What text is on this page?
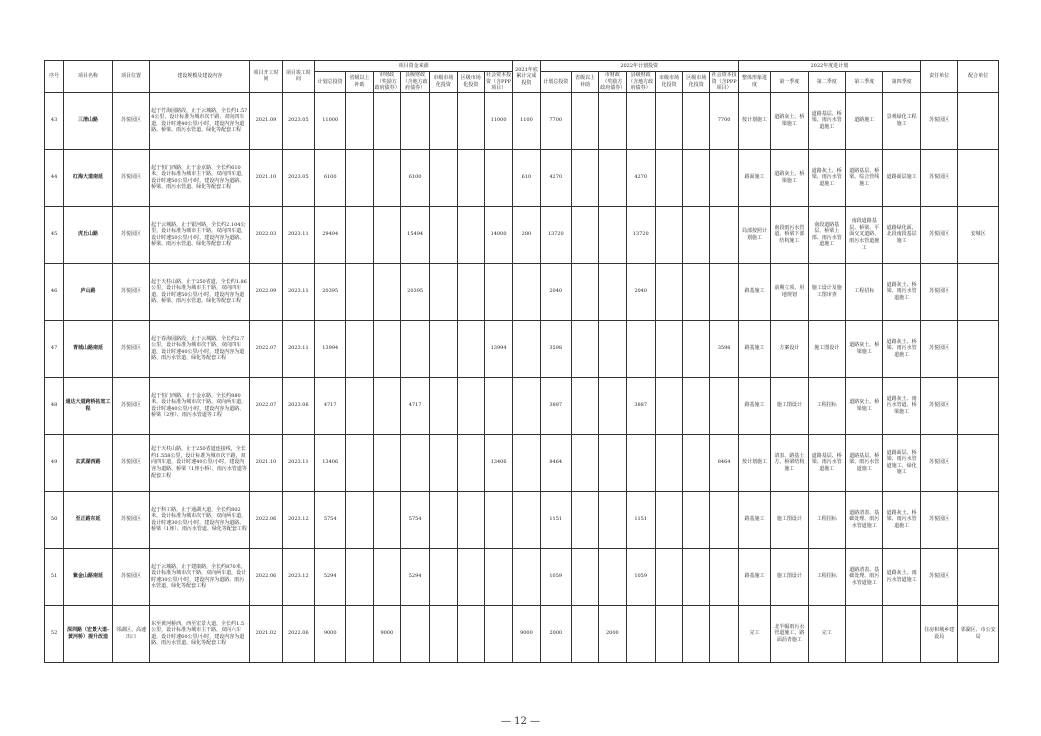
序号	项目名称	项目位置	建设规模及建设内容	项目开工时间	项目竣工时间	项目资金来源							2021年底累计完成投资	2022年计划投资							2022年度进计划					责任单位	配合单位
						计划总投资	省级以上补助	市财政（奖励方政府债券）	县级财政（含地方政府债券）	市级市场化投资	区级市场化投资	社会资本投资（含PPP项目）		计划总投资	省级以上补助	市财政（奖励方政府债券）	县级财政（含地方政府债券）	市级市场化投资	区级市场化投资	社会资本投资（含PPP项目）	整体形象进度	第一季度	第二季度	第三季度	第四季度		

43	三清山路	苏悦园区	起于竹海园路段，止于云城路，全长约1.574公里，设计标准为城市次干路，双向四车道，设计时速40公里/小时，建设内容为道路、桥梁、雨污水管道、绿化等配套工程	2021.09	2023.05	11000						11000	1100	7700						7700	按计划施工	道路灰土、桥梁施工	道路基层、桥梁、雨污水管道施工	道路施工	景观绿化工程施工	苏悦园区	
44	红海大道南延	苏悦园区	起于恒门西路，止于金京路，全长约610米，设计标准为城市主干路，双向四车道，设计时速50公里/小时，建设内容为道路、桥梁、雨污水管道、绿化等配套工程	2021.10	2023.05	6100			6100				610	4270			4270				路面施工	道路灰土、桥梁施工	道路灰土、桥梁、雨污水管道施工	道路基层、桥梁、综合管线施工	道路面层施工	苏悦园区	
45	虎丘山路	苏悦园区	起于云城路，止于银河路，全长约2.104公里，设计标准为城市主干路，双向四车道，设计时速50公里/小时，建设内容为道路、桥梁、雨污水管道、绿化等配套工程	2022.03	2023.11	29494			15494			14000	280	13720			13720				局部按照计划施工	南段雨污水管道、桥梁下部结构施工	南段道路基层、桥梁上部、雨污水管道施工	南段道路基层、桥梁、平面交叉道路、雨污水管道施工	道路绿化面、北段南段基层施工	苏悦园区	安城区
46	庐山路	苏悦园区	起于天柱山路，止于250省道，全长约1.86公里，设计标准为城市主干路，双向四车道，设计时速50公里/小时，建设内容为道路、桥梁、雨污水管道、绿化等配套工程	2022.09	2023.11	20395			20395					2040			2040				路基施工	前期立项、用地规划	施工设计及施工图审查	工程招标	道路灰土、桥梁、雨污水管道施工	苏悦园区	
47	青城山路南延	苏悦园区	起于春海园路段，止于云城路，全长约2.7公里，设计标准为城市次干路，双向四车道，设计时速40公里/小时，建设内容为道路、雨污水管道、绿化等配套工程	2022.07	2023.11	13994						13994		3598						3598	路基施工	方案设计	施工图设计	道路灰土、桥梁施工	道路灰土、桥梁、雨污水管道施工	苏悦园区	
48	通达大道跨桥拓宽工程	苏悦园区	起于恒门西路，止于金京路，全长约880米，设计标准为城市次干路，双向两车道，设计时速40公里/小时，建设内容为道路、桥梁（2座）、雨污水管道等工程	2022.07	2023.06	4717			4717					3887			3887				路基施工	施工图设计	工程招标	道路灰土、桥梁施工	道路灰土、雨污水管道、桥梁施工	苏悦园区	
49	玄武湖西路	苏悦园区	起于天柱山路，止于250省道连接线，全长约1.558公里，设计标准为城市次干路，双向四车道，设计时速40公里/小时，建设内容为道路、桥梁（1座小桥）、雨污水管道等配套工程	2021.10	2023.11	13406						13406		8464						8464	按计划施工	清表、路基土方、桥梁结构施工	道路基层、桥梁、雨污水管道施工	道路基层、桥梁、雨污水管道施工	道路面层、桥梁、雨污水管道施工、绿化施工	苏悦园区	
50	至正路东延	苏悦园区	起于科工路，止于通湖大道，全长约802米，设计标准为城市次干路，双向两车道，设计时速30公里/小时，建设内容为道路、桥梁（1座）、雨污水管道、绿化等配套工程	2022.06	2023.12	5754			5754					1151			1151				路基施工	施工图设计	工程招标	道路清表、基础处理、雨污水管道施工	道路灰土、桥梁、雨污水管道施工	苏悦园区	
51	紫金山路南延	苏悦园区	起于云城路，止于建康路，全长约870米，设计标准为城市次干路，双向两车道，设计时速30公里/小时，建设内容为道路、雨污水管道、绿化等配套工程	2022.06	2023.12	5294			5294					1059			1059				路基施工	施工图设计	工程招标	道路清表、基础处理、雨污水管道施工	道路灰土、雨污水管道施工	苏悦园区	
52	深圳路（宏景大道-黄河桥）提升改造	邻湖区、高速出口	东至黄河桥西，西至宏景大道，全长约1.5公里，设计标准为城市主干路，双向六车道，设计时速60公里/小时，建设内容为道路、雨污水管道、绿化等配套工程	2021.02	2022.06	9000		9000					9000	2000		2000					完工	北半幅雨污水管道施工，路面沥青施工	完工			住房和城乡建设局	邻湖区、市公安局
— 12 —
